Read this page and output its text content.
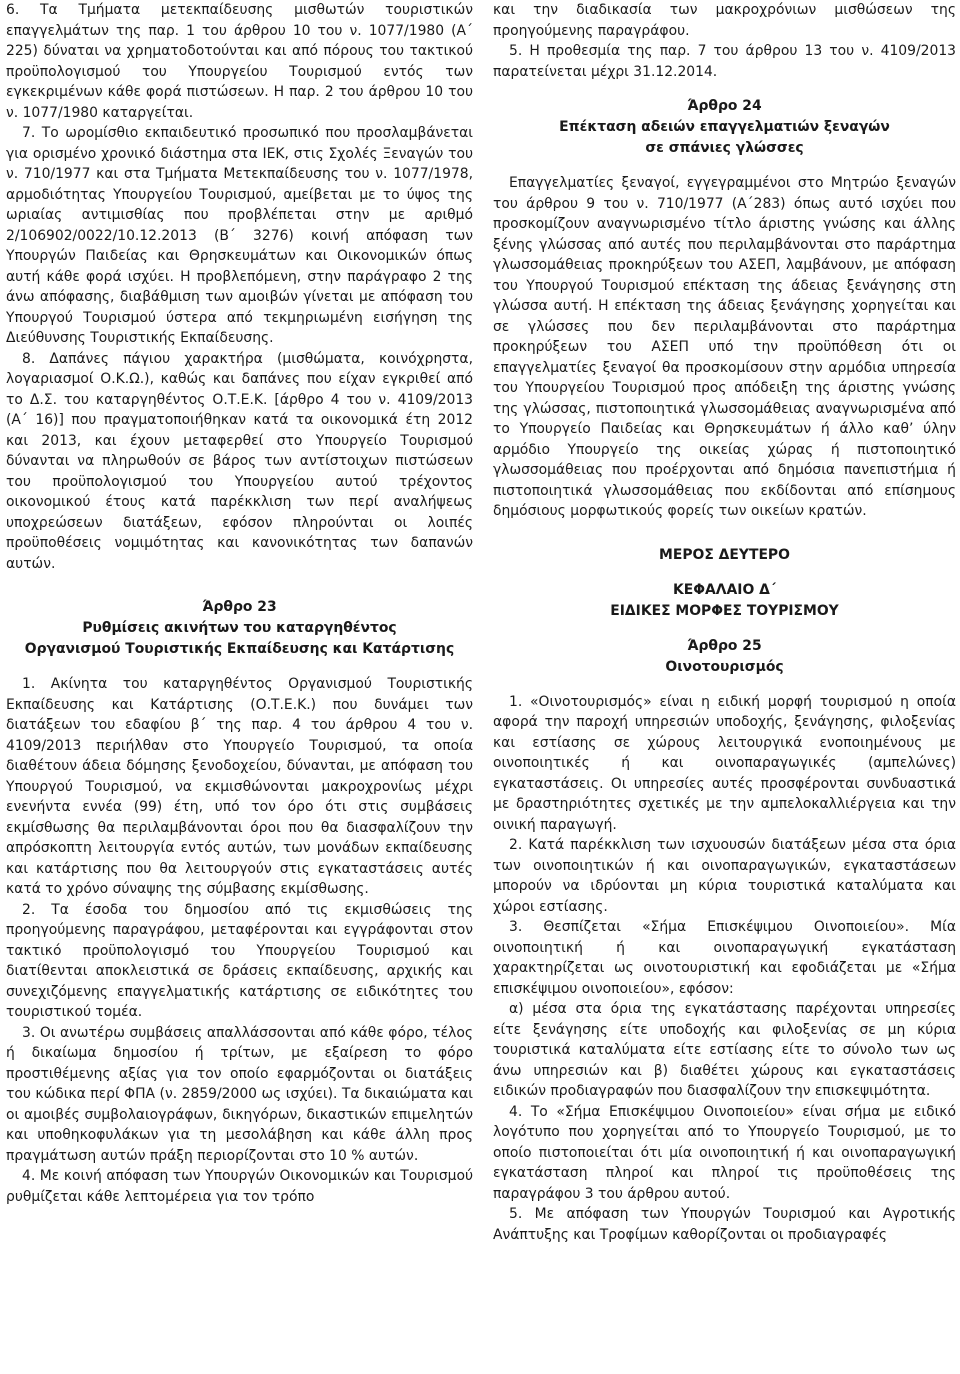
6. Τα Τμήματα μετεκπαίδευσης μισθωτών τουριστικών επαγγελμάτων της παρ. 1 του άρθρου 10 του ν. 1077/1980 (Α΄ 225) δύναται να χρηματοδοτούνται και από πόρους του τακτικού προϋπολογισμού του Υπουργείου Τουρισμού εντός των εγκεκριμένων κάθε φορά πιστώσεων. Η παρ. 2 του άρθρου 10 του ν. 1077/1980 καταργείται.

7. Το ωρομίσθιο εκπαιδευτικό προσωπικό που προσλαμβάνεται για ορισμένο χρονικό διάστημα στα ΙΕΚ, στις Σχολές Ξεναγών του ν. 710/1977 και στα Τμήματα Μετεκπαίδευσης του ν. 1077/1978, αρμοδιότητας Υπουργείου Τουρισμού, αμείβεται με το ύψος της ωριαίας αντιμισθίας που προβλέπεται στην με αριθμό 2/106902/0022/10.12.2013 (Β΄ 3276) κοινή απόφαση των Υπουργών Παιδείας και Θρησκευμάτων και Οικονομικών όπως αυτή κάθε φορά ισχύει. Η προβλεπόμενη, στην παράγραφο 2 της άνω απόφασης, διαβάθμιση των αμοιβών γίνεται με απόφαση του Υπουργού Τουρισμού ύστερα από τεκμηριωμένη εισήγηση της Διεύθυνσης Τουριστικής Εκπαίδευσης.

8. Δαπάνες πάγιου χαρακτήρα (μισθώματα, κοινόχρηστα, λογαριασμοί Ο.Κ.Ω.), καθώς και δαπάνες που είχαν εγκριθεί από το Δ.Σ. του καταργηθέντος Ο.Τ.Ε.Κ. [άρθρο 4 του ν. 4109/2013 (Α΄ 16)] που πραγματοποιήθηκαν κατά τα οικονομικά έτη 2012 και 2013, και έχουν μεταφερθεί στο Υπουργείο Τουρισμού δύνανται να πληρωθούν σε βάρος των αντίστοιχων πιστώσεων του προϋπολογισμού του Υπουργείου αυτού τρέχοντος οικονομικού έτους κατά παρέκκλιση των περί αναλήψεως υποχρεώσεων διατάξεων, εφόσον πληρούνται οι λοιπές προϋποθέσεις νομιμότητας και κανονικότητας των δαπανών αυτών.

Άρθρο 23
Ρυθμίσεις ακινήτων του καταργηθέντος
Οργανισμού Τουριστικής Εκπαίδευσης και Κατάρτισης

1. Ακίνητα του καταργηθέντος Οργανισμού Τουριστικής Εκπαίδευσης και Κατάρτισης (Ο.Τ.Ε.Κ.) που δυνάμει των διατάξεων του εδαφίου β΄ της παρ. 4 του άρθρου 4 του ν. 4109/2013 περιήλθαν στο Υπουργείο Τουρισμού, τα οποία διαθέτουν άδεια δόμησης ξενοδοχείου, δύνανται, με απόφαση του Υπουργού Τουρισμού, να εκμισθώνονται μακροχρονίως μέχρι ενενήντα εννέα (99) έτη, υπό τον όρο ότι στις συμβάσεις εκμίσθωσης θα περιλαμβάνονται όροι που θα διασφαλίζουν την απρόσκοπτη λειτουργία εντός αυτών, των μονάδων εκπαίδευσης και κατάρτισης που θα λειτουργούν στις εγκαταστάσεις αυτές κατά το χρόνο σύναψης της σύμβασης εκμίσθωσης.

2. Τα έσοδα του δημοσίου από τις εκμισθώσεις της προηγούμενης παραγράφου, μεταφέρονται και εγγράφονται στον τακτικό προϋπολογισμό του Υπουργείου Τουρισμού και διατίθενται αποκλειστικά σε δράσεις εκπαίδευσης, αρχικής και συνεχιζόμενης επαγγελματικής κατάρτισης σε ειδικότητες του τουριστικού τομέα.

3. Οι ανωτέρω συμβάσεις απαλλάσσονται από κάθε φόρο, τέλος ή δικαίωμα δημοσίου ή τρίτων, με εξαίρεση το φόρο προστιθέμενης αξίας για τον οποίο εφαρμόζονται οι διατάξεις του κώδικα περί ΦΠΑ (ν. 2859/2000 ως ισχύει). Τα δικαιώματα και οι αμοιβές συμβολαιογράφων, δικηγόρων, δικαστικών επιμελητών και υποθηκοφυλάκων για τη μεσολάβηση και κάθε άλλη προς πραγμάτωση αυτών πράξη περιορίζονται στο 10 % αυτών.

4. Με κοινή απόφαση των Υπουργών Οικονομικών και Τουρισμού ρυθμίζεται κάθε λεπτομέρεια για τον τρόπο

και την διαδικασία των μακροχρόνιων μισθώσεων της προηγούμενης παραγράφου.

5. Η προθεσμία της παρ. 7 του άρθρου 13 του ν. 4109/2013 παρατείνεται μέχρι 31.12.2014.

Άρθρο 24
Επέκταση αδειών επαγγελματιών ξεναγών
σε σπάνιες γλώσσες

Επαγγελματίες ξεναγοί, εγγεγραμμένοι στο Μητρώο ξεναγών του άρθρου 9 του ν. 710/1977 (Α΄283) όπως αυτό ισχύει που προσκομίζουν αναγνωρισμένο τίτλο άριστης γνώσης και άλλης ξένης γλώσσας από αυτές που περιλαμβάνονται στο παράρτημα γλωσσομάθειας προκηρύξεων του ΑΣΕΠ, λαμβάνουν, με απόφαση του Υπουργού Τουρισμού επέκταση της άδειας ξενάγησης στη γλώσσα αυτή. Η επέκταση της άδειας ξενάγησης χορηγείται και σε γλώσσες που δεν περιλαμβάνονται στο παράρτημα προκηρύξεων του ΑΣΕΠ υπό την προϋπόθεση ότι οι επαγγελματίες ξεναγοί θα προσκομίσουν στην αρμόδια υπηρεσία του Υπουργείου Τουρισμού προς απόδειξη της άριστης γνώσης της γλώσσας, πιστοποιητικά γλωσσομάθειας αναγνωρισμένα από το Υπουργείο Παιδείας και Θρησκευμάτων ή άλλο καθ’ ύλην αρμόδιο Υπουργείο της οικείας χώρας ή πιστοποιητικό γλωσσομάθειας που προέρχονται από δημόσια πανεπιστήμια ή πιστοποιητικά γλωσσομάθειας που εκδίδονται από επίσημους δημόσιους μορφωτικούς φορείς των οικείων κρατών.

ΜΕΡΟΣ ΔΕΥΤΕΡΟ
ΚΕΦΑΛΑΙΟ Δ΄
ΕΙΔΙΚΕΣ ΜΟΡΦΕΣ ΤΟΥΡΙΣΜΟΥ
Άρθρο 25
Οινοτουρισμός

1. «Οινοτουρισμός» είναι η ειδική μορφή τουρισμού η οποία αφορά την παροχή υπηρεσιών υποδοχής, ξενάγησης, φιλοξενίας και εστίασης σε χώρους λειτουργικά ενοποιημένους με οινοποιητικές ή και οινοπαραγωγικές (αμπελώνες) εγκαταστάσεις. Οι υπηρεσίες αυτές προσφέρονται συνδυαστικά με δραστηριότητες σχετικές με την αμπελοκαλλιέργεια και την οινική παραγωγή.

2. Κατά παρέκκλιση των ισχυουσών διατάξεων μέσα στα όρια των οινοποιητικών ή και οινοπαραγωγικών, εγκαταστάσεων μπορούν να ιδρύονται μη κύρια τουριστικά καταλύματα και χώροι εστίασης.

3. Θεσπίζεται «Σήμα Επισκέψιμου Οινοποιείου». Μία οινοποιητική ή και οινοπαραγωγική εγκατάσταση χαρακτηρίζεται ως οινοτουριστική και εφοδιάζεται με «Σήμα επισκέψιμου οινοποιείου», εφόσον:

α) μέσα στα όρια της εγκατάστασης παρέχονται υπηρεσίες είτε ξενάγησης είτε υποδοχής και φιλοξενίας σε μη κύρια τουριστικά καταλύματα είτε εστίασης είτε το σύνολο των ως άνω υπηρεσιών και β) διαθέτει χώρους και εγκαταστάσεις ειδικών προδιαγραφών που διασφαλίζουν την επισκεψιμότητα.

4. Το «Σήμα Επισκέψιμου Οινοποιείου» είναι σήμα με ειδικό λογότυπο που χορηγείται από το Υπουργείο Τουρισμού, με το οποίο πιστοποιείται ότι μία οινοποιητική ή και οινοπαραγωγική εγκατάσταση πληροί και πληροί τις προϋποθέσεις της παραγράφου 3 του άρθρου αυτού.

5. Με απόφαση των Υπουργών Τουρισμού και Αγροτικής Ανάπτυξης και Τροφίμων καθορίζονται οι προδιαγραφές
